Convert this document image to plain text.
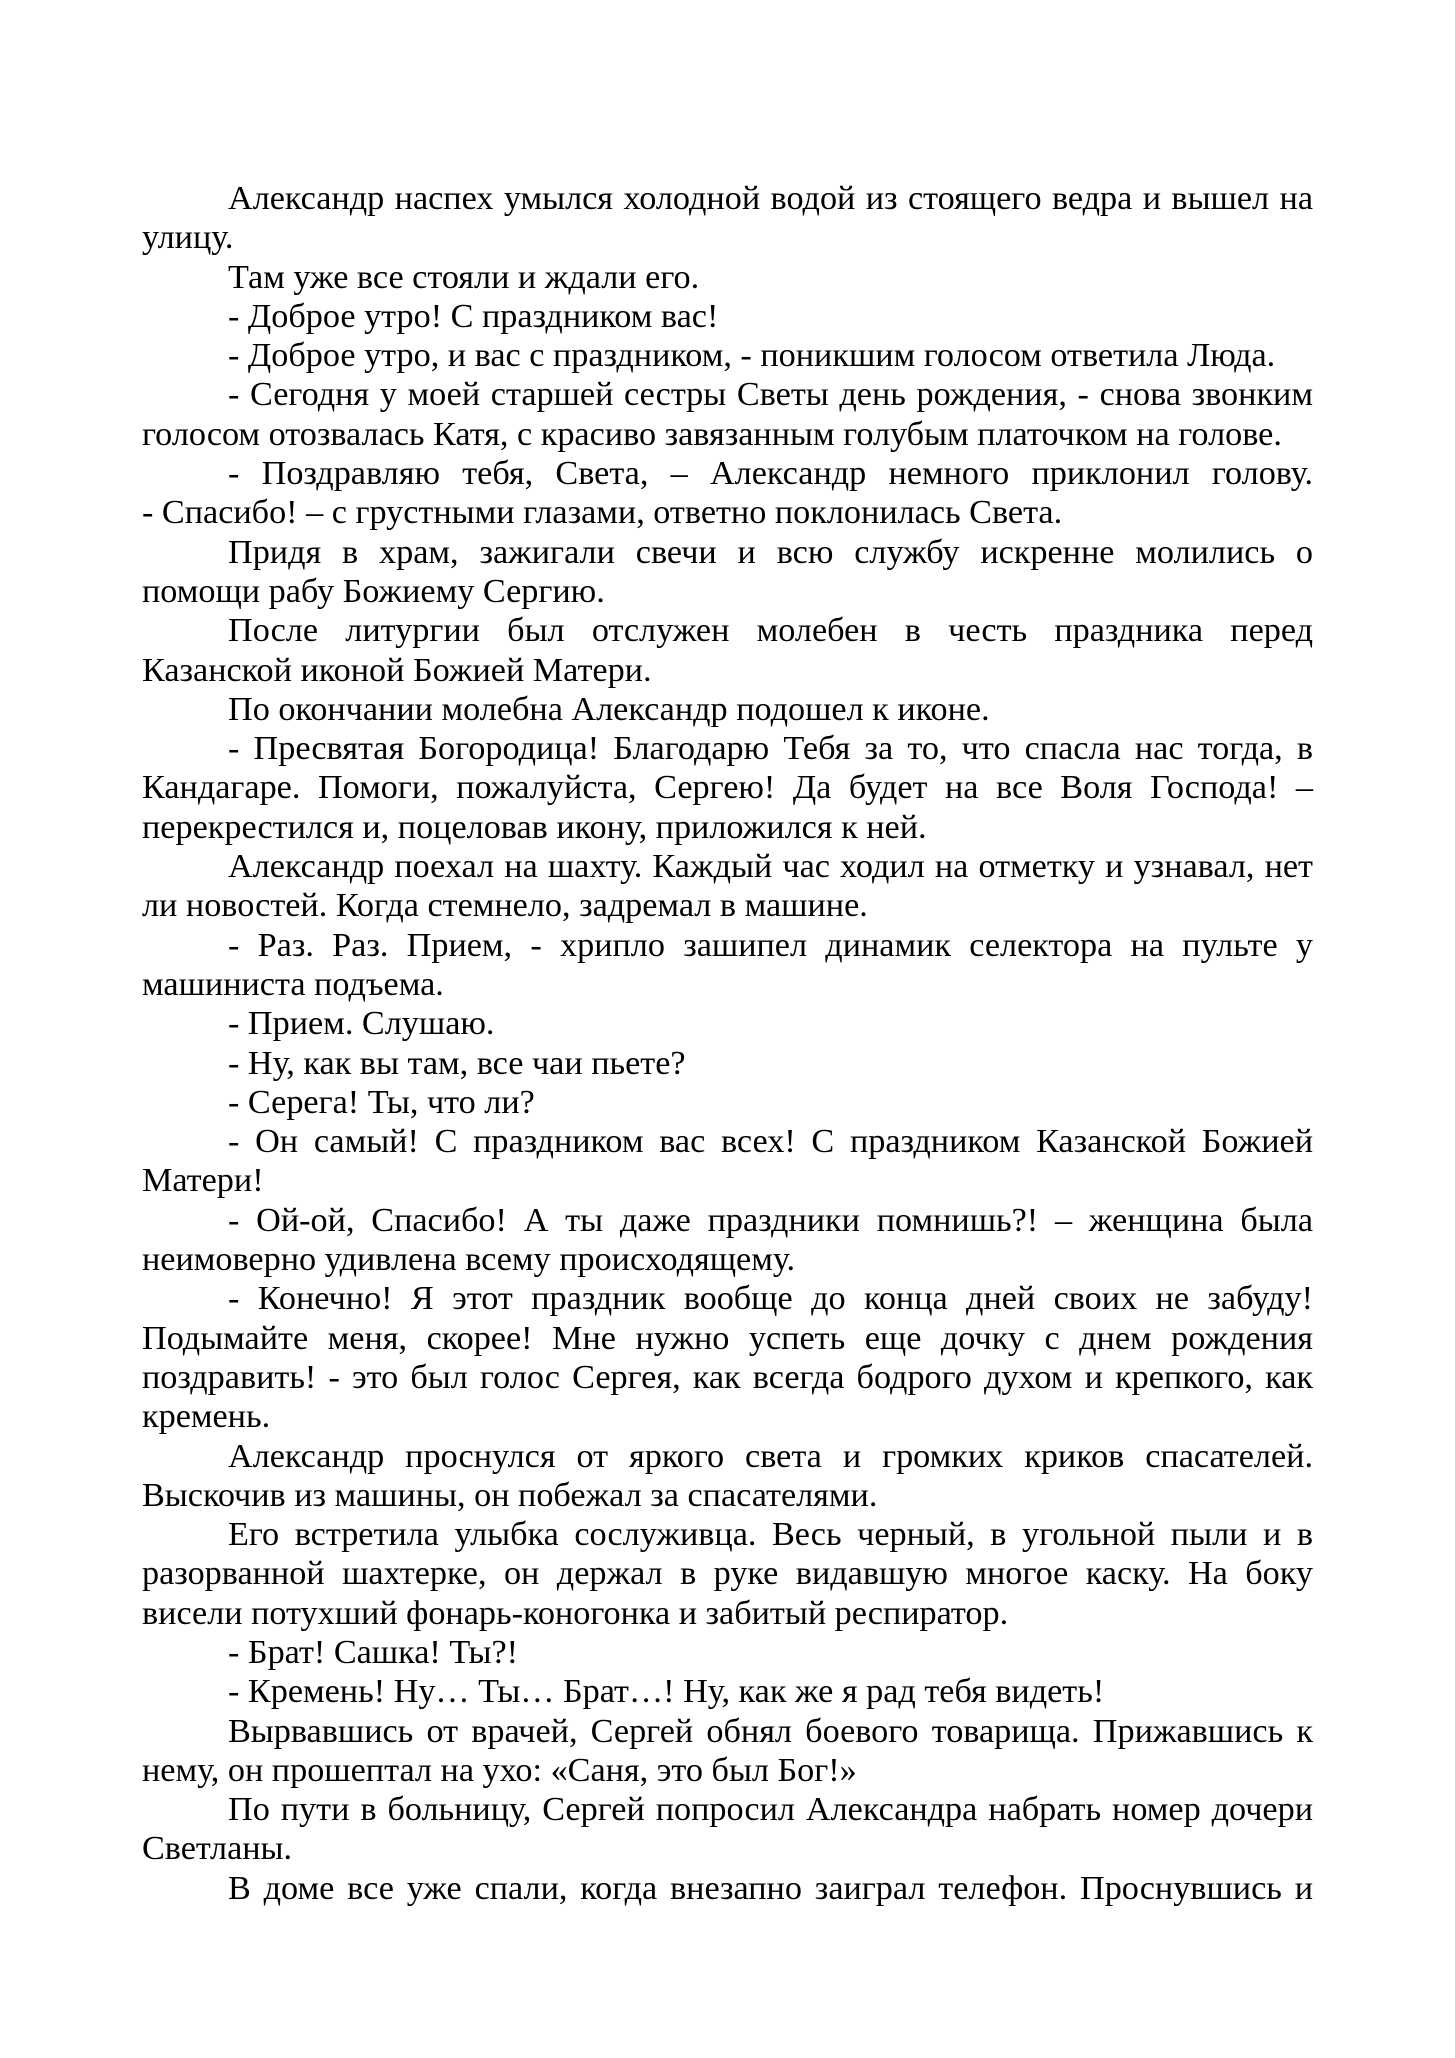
Александр наспех умылся холодной водой из стоящего ведра и вышел на улицу.

Там уже все стояли и ждали его.

- Доброе утро! С праздником вас!

- Доброе утро, и вас с праздником, - поникшим голосом ответила Люда.

- Сегодня у моей старшей сестры Светы день рождения, - снова звонким голосом отозвалась Катя, с красиво завязанным голубым платочком на голове.

- Поздравляю тебя, Света, – Александр немного приклонил голову.
- Спасибо! – с грустными глазами, ответно поклонилась Света.

Придя в храм, зажигали свечи и всю службу искренне молились о помощи рабу Божиему Сергию.

После литургии был отслужен молебен в честь праздника перед Казанской иконой Божией Матери.

По окончании молебна Александр подошел к иконе.

- Пресвятая Богородица! Благодарю Тебя за то, что спасла нас тогда, в Кандагаре. Помоги, пожалуйста, Сергею! Да будет на все Воля Господа! – перекрестился и, поцеловав икону, приложился к ней.

Александр поехал на шахту. Каждый час ходил на отметку и узнавал, нет ли новостей. Когда стемнело, задремал в машине.

- Раз. Раз. Прием, - хрипло зашипел динамик селектора на пульте у машиниста подъема.

- Прием. Слушаю.

- Ну, как вы там, все чаи пьете?

- Серега! Ты, что ли?

- Он самый! С праздником вас всех! С праздником Казанской Божией Матери!

- Ой-ой, Спасибо! А ты даже праздники помнишь?! – женщина была неимоверно удивлена всему происходящему.

- Конечно! Я этот праздник вообще до конца дней своих не забуду! Подымайте меня, скорее! Мне нужно успеть еще дочку с днем рождения поздравить! - это был голос Сергея, как всегда бодрого духом и крепкого, как кремень.

Александр проснулся от яркого света и громких криков спасателей. Выскочив из машины, он побежал за спасателями.

Его встретила улыбка сослуживца. Весь черный, в угольной пыли и в разорванной шахтерке, он держал в руке видавшую многое каску. На боку висели потухший фонарь-коногонка и забитый респиратор.

- Брат! Сашка! Ты?!

- Кремень! Ну… Ты… Брат…! Ну, как же я рад тебя видеть!

Вырвавшись от врачей, Сергей обнял боевого товарища. Прижавшись к нему, он прошептал на ухо: «Саня, это был Бог!»

По пути в больницу, Сергей попросил Александра набрать номер дочери Светланы.

В доме все уже спали, когда внезапно заиграл телефон. Проснувшись и
